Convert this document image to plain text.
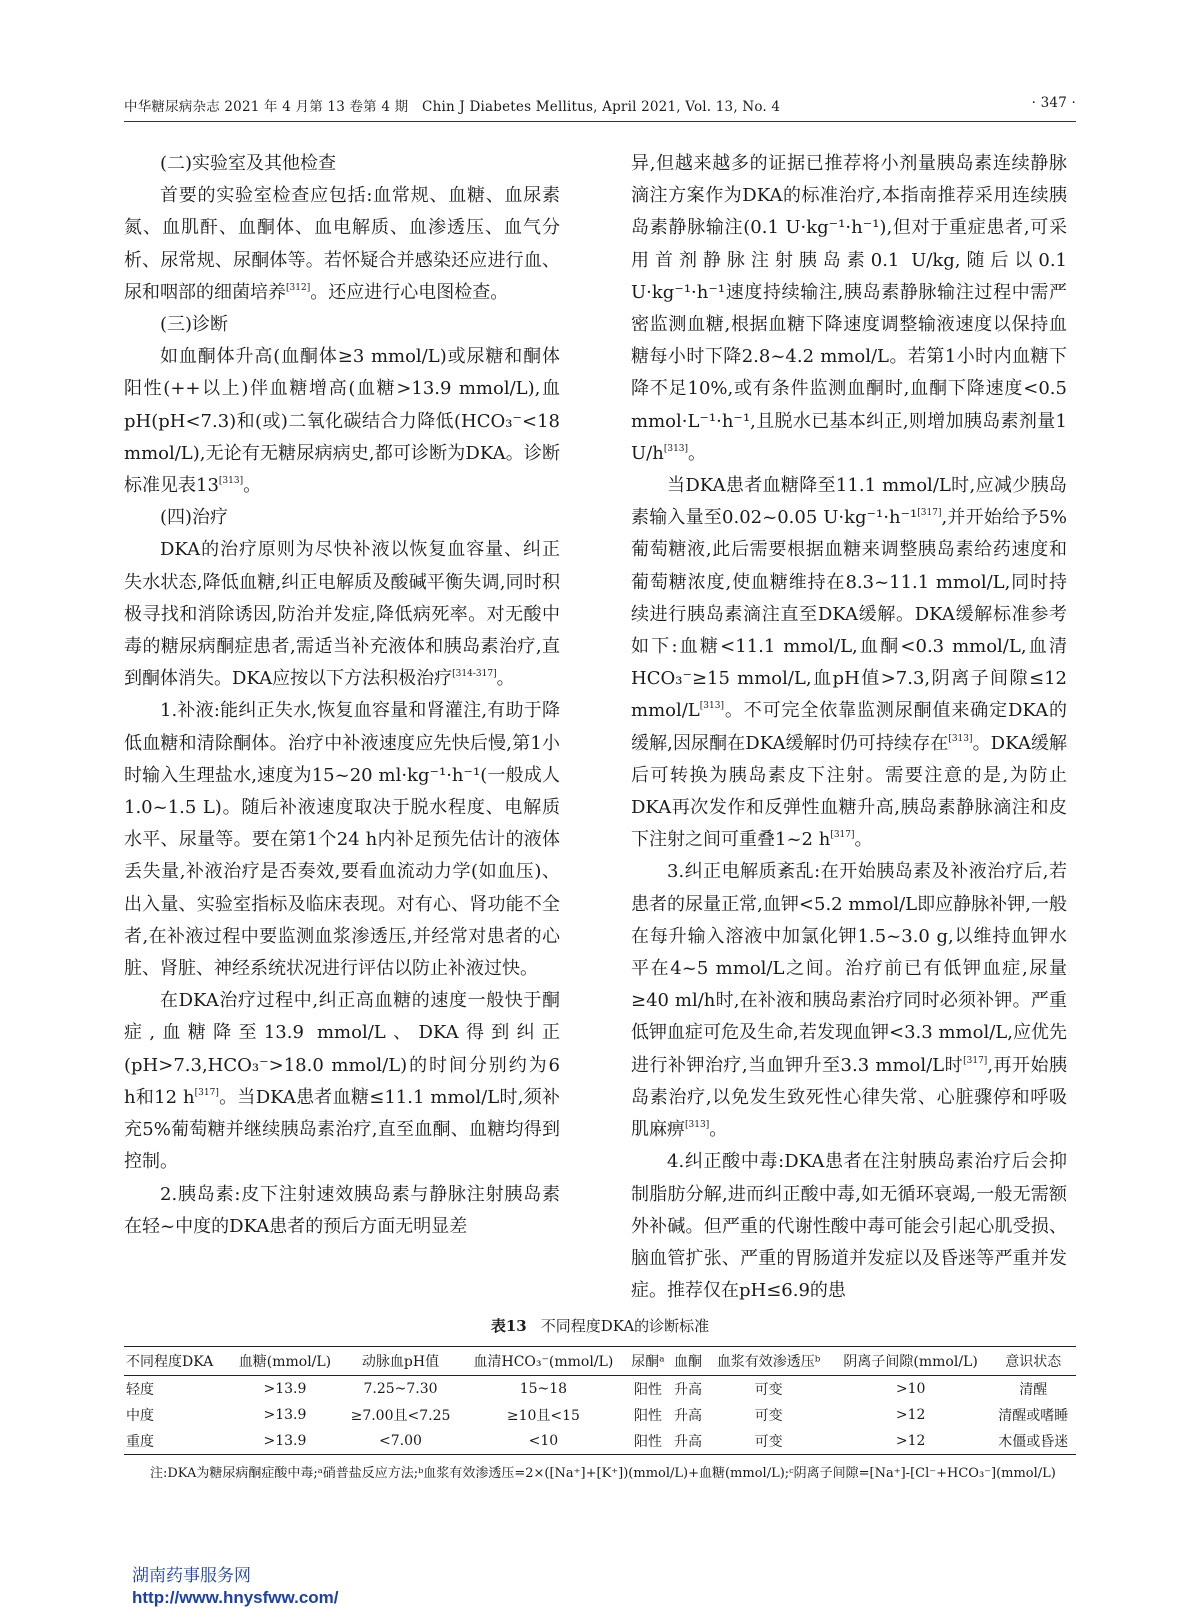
中华糖尿病杂志 2021 年 4 月第 13 卷第 4 期　Chin J Diabetes Mellitus, April 2021, Vol. 13, No. 4	· 347 ·

(二)实验室及其他检查

首要的实验室检查应包括:血常规、血糖、血尿素氮、血肌酐、血酮体、血电解质、血渗透压、血气分析、尿常规、尿酮体等。若怀疑合并感染还应进行血、尿和咽部的细菌培养[312]。还应进行心电图检查。

(三)诊断

如血酮体升高(血酮体≥3 mmol/L)或尿糖和酮体阳性(++以上)伴血糖增高(血糖>13.9 mmol/L),血pH(pH<7.3)和(或)二氧化碳结合力降低(HCO₃⁻<18 mmol/L),无论有无糖尿病病史,都可诊断为DKA。诊断标准见表13[313]。

(四)治疗

DKA的治疗原则为尽快补液以恢复血容量、纠正失水状态,降低血糖,纠正电解质及酸碱平衡失调,同时积极寻找和消除诱因,防治并发症,降低病死率。对无酸中毒的糖尿病酮症患者,需适当补充液体和胰岛素治疗,直到酮体消失。DKA应按以下方法积极治疗[314-317]。

1.补液:能纠正失水,恢复血容量和肾灌注,有助于降低血糖和清除酮体。治疗中补液速度应先快后慢,第1小时输入生理盐水,速度为15~20 ml·kg⁻¹·h⁻¹(一般成人1.0~1.5 L)。随后补液速度取决于脱水程度、电解质水平、尿量等。要在第1个24 h内补足预先估计的液体丢失量,补液治疗是否奏效,要看血流动力学(如血压)、出入量、实验室指标及临床表现。对有心、肾功能不全者,在补液过程中要监测血浆渗透压,并经常对患者的心脏、肾脏、神经系统状况进行评估以防止补液过快。

在DKA治疗过程中,纠正高血糖的速度一般快于酮症,血糖降至13.9 mmol/L、DKA得到纠正(pH>7.3,HCO₃⁻>18.0 mmol/L)的时间分别约为6 h和12 h[317]。当DKA患者血糖≤11.1 mmol/L时,须补充5%葡萄糖并继续胰岛素治疗,直至血酮、血糖均得到控制。

2.胰岛素:皮下注射速效胰岛素与静脉注射胰岛素在轻~中度的DKA患者的预后方面无明显差

异,但越来越多的证据已推荐将小剂量胰岛素连续静脉滴注方案作为DKA的标准治疗,本指南推荐采用连续胰岛素静脉输注(0.1 U·kg⁻¹·h⁻¹),但对于重症患者,可采用首剂静脉注射胰岛素0.1 U/kg,随后以0.1 U·kg⁻¹·h⁻¹速度持续输注,胰岛素静脉输注过程中需严密监测血糖,根据血糖下降速度调整输液速度以保持血糖每小时下降2.8~4.2 mmol/L。若第1小时内血糖下降不足10%,或有条件监测血酮时,血酮下降速度<0.5 mmol·L⁻¹·h⁻¹,且脱水已基本纠正,则增加胰岛素剂量1 U/h[313]。

当DKA患者血糖降至11.1 mmol/L时,应减少胰岛素输入量至0.02~0.05 U·kg⁻¹·h⁻¹[317],并开始给予5%葡萄糖液,此后需要根据血糖来调整胰岛素给药速度和葡萄糖浓度,使血糖维持在8.3~11.1 mmol/L,同时持续进行胰岛素滴注直至DKA缓解。DKA缓解标准参考如下:血糖<11.1 mmol/L,血酮<0.3 mmol/L,血清HCO₃⁻≥15 mmol/L,血pH值>7.3,阴离子间隙≤12 mmol/L[313]。不可完全依靠监测尿酮值来确定DKA的缓解,因尿酮在DKA缓解时仍可持续存在[313]。DKA缓解后可转换为胰岛素皮下注射。需要注意的是,为防止DKA再次发作和反弹性血糖升高,胰岛素静脉滴注和皮下注射之间可重叠1~2 h[317]。

3.纠正电解质紊乱:在开始胰岛素及补液治疗后,若患者的尿量正常,血钾<5.2 mmol/L即应静脉补钾,一般在每升输入溶液中加氯化钾1.5~3.0 g,以维持血钾水平在4~5 mmol/L之间。治疗前已有低钾血症,尿量≥40 ml/h时,在补液和胰岛素治疗同时必须补钾。严重低钾血症可危及生命,若发现血钾<3.3 mmol/L,应优先进行补钾治疗,当血钾升至3.3 mmol/L时[317],再开始胰岛素治疗,以免发生致死性心律失常、心脏骤停和呼吸肌麻痹[313]。

4.纠正酸中毒:DKA患者在注射胰岛素治疗后会抑制脂肪分解,进而纠正酸中毒,如无循环衰竭,一般无需额外补碱。但严重的代谢性酸中毒可能会引起心肌受损、脑血管扩张、严重的胃肠道并发症以及昏迷等严重并发症。推荐仅在pH≤6.9的患

表13 不同程度DKA的诊断标准
不同程度DKA	血糖(mmol/L)	动脉血pH值	血清HCO₃⁻(mmol/L)	尿酮ᵃ	血酮	血浆有效渗透压ᵇ	阴离子间隙(mmol/L)	意识状态
轻度	>13.9	7.25~7.30	15~18	阳性	升高	可变	>10	清醒
中度	>13.9	≥7.00且<7.25	≥10且<15	阳性	升高	可变	>12	清醒或嗜睡
重度	>13.9	<7.00	<10	阳性	升高	可变	>12	木僵或昏迷
注:DKA为糖尿病酮症酸中毒;ᵃ硝普盐反应方法;ᵇ血浆有效渗透压=2×([Na⁺]+[K⁺])(mmol/L)+血糖(mmol/L);ᶜ阴离子间隙=[Na⁺]-[Cl⁻+HCO₃⁻](mmol/L)
湖南药事服务网
http://www.hnysfww.com/
